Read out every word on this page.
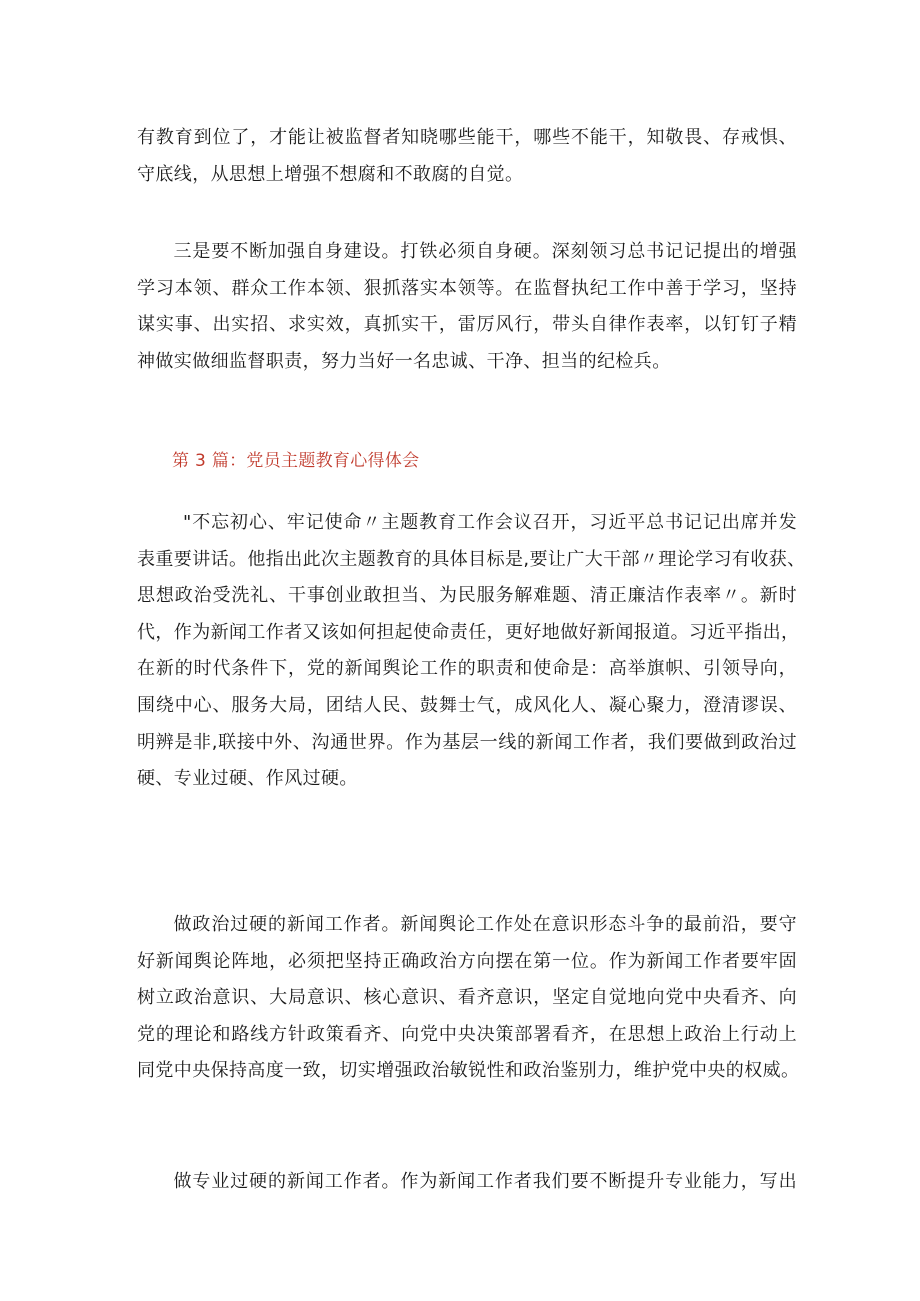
有教育到位了，才能让被监督者知晓哪些能干，哪些不能干，知敬畏、存戒惧、
守底线，从思想上增强不想腐和不敢腐的自觉。

三是要不断加强自身建设。打铁必须自身硬。深刻领习总书记记提出的增强
学习本领、群众工作本领、狠抓落实本领等。在监督执纪工作中善于学习，坚持
谋实事、出实招、求实效，真抓实干，雷厉风行，带头自律作表率，以钉钉子精
神做实做细监督职责，努力当好一名忠诚、干净、担当的纪检兵。

第 3 篇：党员主题教育心得体会

"不忘初心、牢记使命〃主题教育工作会议召开，习近平总书记记出席并发
表重要讲话。他指出此次主题教育的具体目标是,要让广大干部〃理论学习有收获、
思想政治受洗礼、干事创业敢担当、为民服务解难题、清正廉洁作表率〃。新时
代，作为新闻工作者又该如何担起使命责任，更好地做好新闻报道。习近平指出，
在新的时代条件下，党的新闻舆论工作的职责和使命是：高举旗帜、引领导向，
围绕中心、服务大局，团结人民、鼓舞士气，成风化人、凝心聚力，澄清谬误、
明辨是非,联接中外、沟通世界。作为基层一线的新闻工作者，我们要做到政治过
硬、专业过硬、作风过硬。

做政治过硬的新闻工作者。新闻舆论工作处在意识形态斗争的最前沿，要守
好新闻舆论阵地，必须把坚持正确政治方向摆在第一位。作为新闻工作者要牢固
树立政治意识、大局意识、核心意识、看齐意识，坚定自觉地向党中央看齐、向
党的理论和路线方针政策看齐、向党中央决策部署看齐，在思想上政治上行动上
同党中央保持高度一致，切实增强政治敏锐性和政治鉴别力，维护党中央的权威。

做专业过硬的新闻工作者。作为新闻工作者我们要不断提升专业能力，写出
